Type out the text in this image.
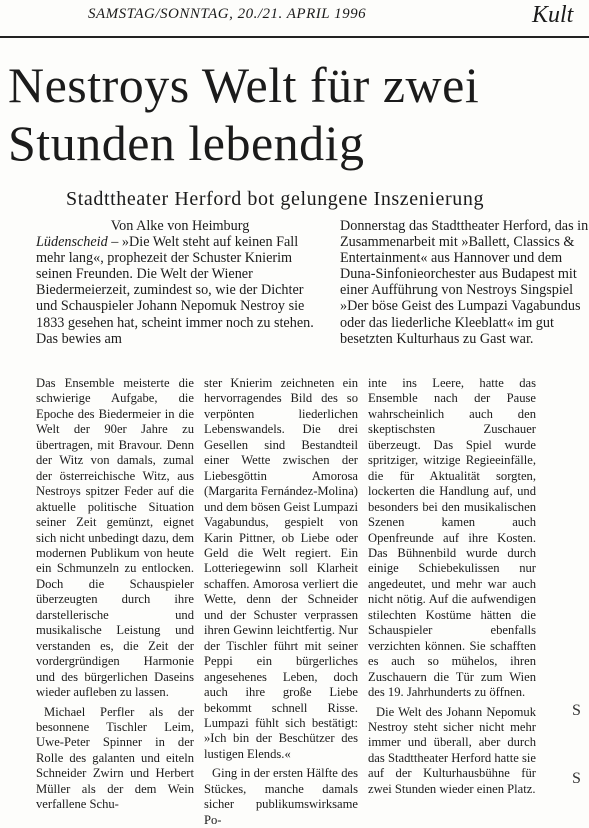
SAMSTAG/SONNTAG, 20./21. APRIL 1996	Kult
Nestroys Welt für zwei Stunden lebendig
Stadttheater Herford bot gelungene Inszenierung
Von Alke von Heimburg
Lüdenscheid – »Die Welt steht auf keinen Fall mehr lang«, prophezeit der Schuster Knierim seinen Freunden. Die Welt der Wiener Biedermeierzeit, zumindest so, wie der Dichter und Schauspieler Johann Nepomuk Nestroy sie 1833 gesehen hat, scheint immer noch zu stehen. Das bewies am
Donnerstag das Stadttheater Herford, das in Zusammenarbeit mit »Ballett, Classics & Entertainment« aus Hannover und dem Duna-Sinfonieorchester aus Budapest mit einer Aufführung von Nestroys Singspiel »Der böse Geist des Lumpazi Vagabundus oder das liederliche Kleeblatt« im gut besetzten Kulturhaus zu Gast war.

Das Ensemble meisterte die schwierige Aufgabe, die Epoche des Biedermeier in die Welt der 90er Jahre zu übertragen, mit Bravour. Denn der Witz von damals, zumal der österreichische Witz, aus Nestroys spitzer Feder auf die aktuelle politische Situation seiner Zeit gemünzt, eignet sich nicht unbedingt dazu, dem modernen Publikum von heute ein Schmunzeln zu entlocken. Doch die Schauspieler überzeugten durch ihre darstellerische und musikalische Leistung und verstanden es, die Zeit der vordergründigen Harmonie und des bürgerlichen Daseins wieder aufleben zu lassen.

Michael Perfler als der besonnene Tischler Leim, Uwe-Peter Spinner in der Rolle des galanten und eiteln Schneider Zwirn und Herbert Müller als der dem Wein verfallene Schu-

ster Knierim zeichneten ein hervorragendes Bild des so verpönten liederlichen Lebenswandels. Die drei Gesellen sind Bestandteil einer Wette zwischen der Liebesgöttin Amorosa (Margarita Fernández-Molina) und dem bösen Geist Lumpazi Vagabundus, gespielt von Karin Pittner, ob Liebe oder Geld die Welt regiert. Ein Lotteriegewinn soll Klarheit schaffen. Amorosa verliert die Wette, denn der Schneider und der Schuster verprassen ihren Gewinn leichtfertig. Nur der Tischler führt mit seiner Peppi ein bürgerliches angesehenes Leben, doch auch ihre große Liebe bekommt schnell Risse. Lumpazi fühlt sich bestätigt: »Ich bin der Beschützer des lustigen Elends.«

Ging in der ersten Hälfte des Stückes, manche damals sicher publikumswirksame Po-

inte ins Leere, hatte das Ensemble nach der Pause wahrscheinlich auch den skeptischsten Zuschauer überzeugt. Das Spiel wurde spritziger, witzige Regieeinfälle, die für Aktualität sorgten, lockerten die Handlung auf, und besonders bei den musikalischen Szenen kamen auch Openfreunde auf ihre Kosten. Das Bühnenbild wurde durch einige Schiebekulissen nur angedeutet, und mehr war auch nicht nötig. Auf die aufwendigen stilechten Kostüme hätten die Schauspieler ebenfalls verzichten können. Sie schafften es auch so mühelos, ihren Zuschauern die Tür zum Wien des 19. Jahrhunderts zu öffnen.

Die Welt des Johann Nepomuk Nestroy steht sicher nicht mehr immer und überall, aber durch das Stadttheater Herford hatte sie auf der Kulturhausbühne für zwei Stunden wieder einen Platz.

S
S
